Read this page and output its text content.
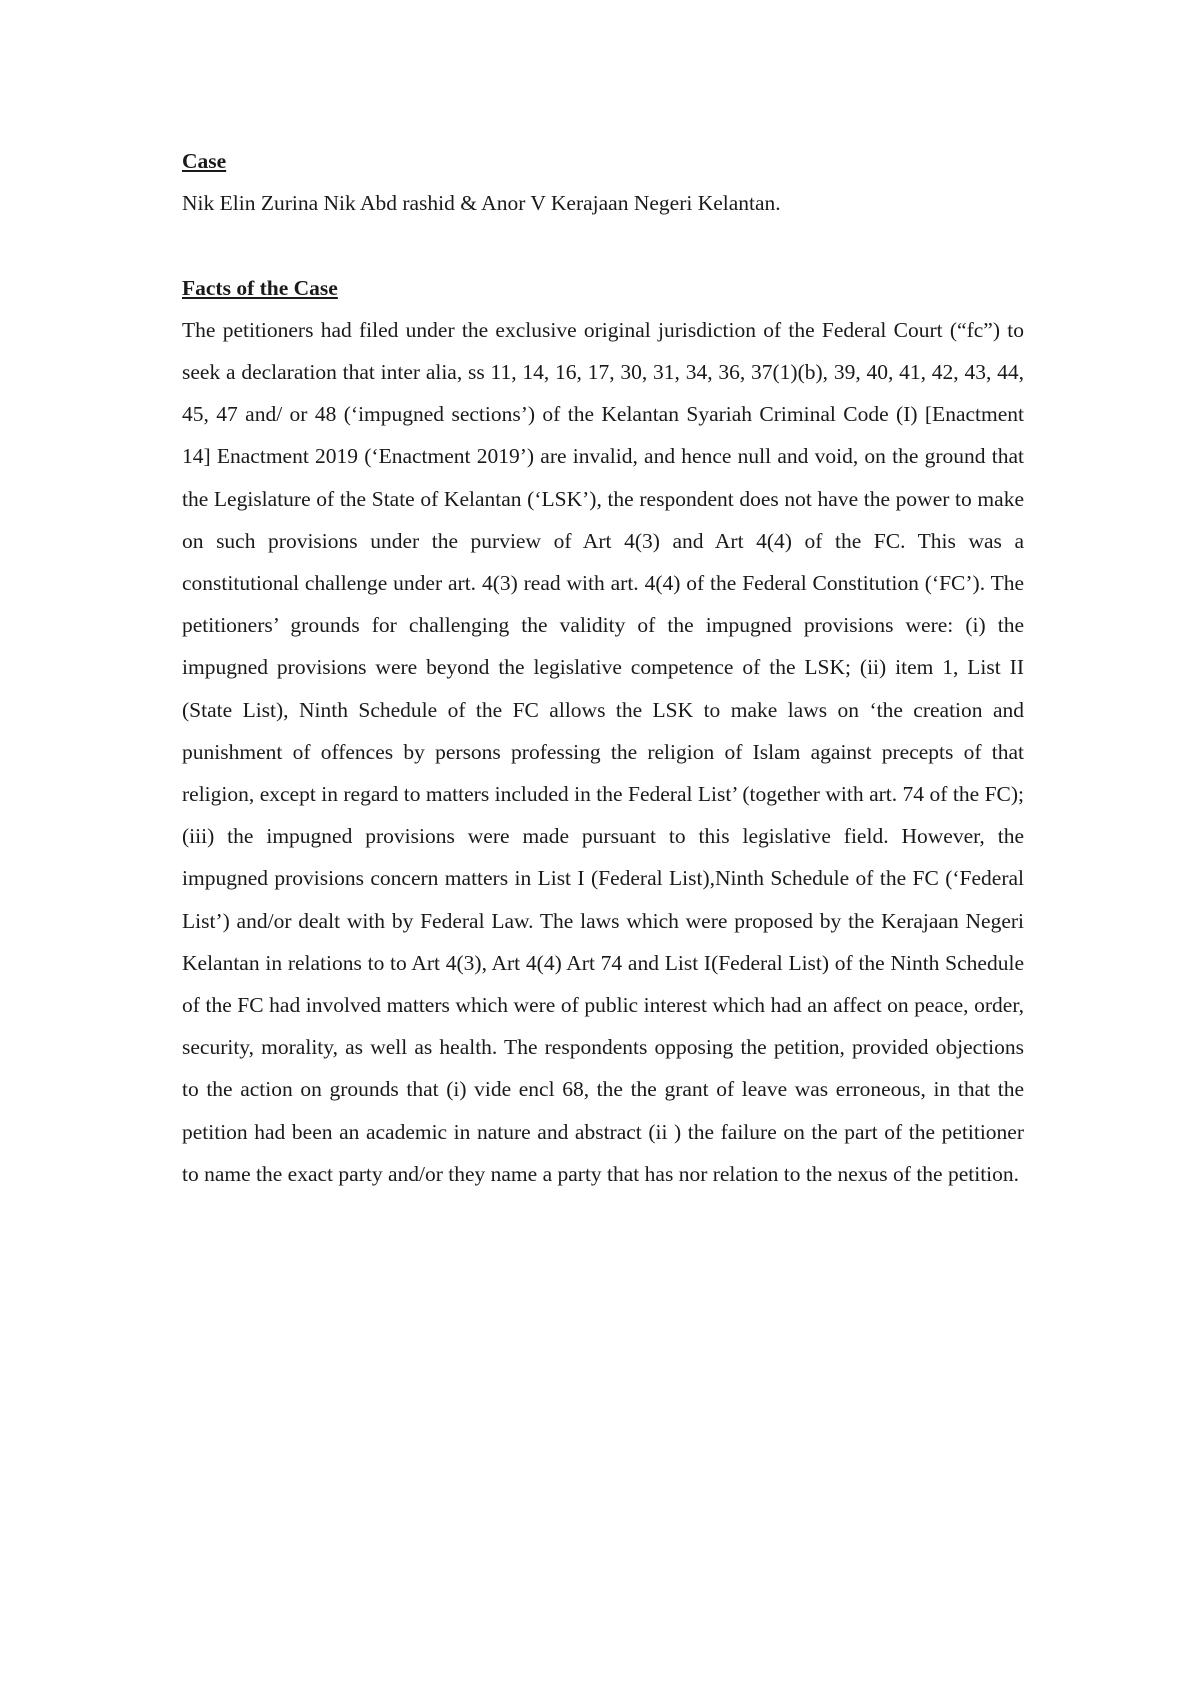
Case

Nik Elin Zurina Nik Abd rashid & Anor V Kerajaan Negeri Kelantan.

Facts of the Case

The petitioners had filed under the exclusive original jurisdiction of the Federal Court (“fc”) to seek a declaration that inter alia, ss 11, 14, 16, 17, 30, 31, 34, 36, 37(1)(b), 39, 40, 41, 42, 43, 44, 45, 47 and/ or 48 (‘impugned sections’) of the Kelantan Syariah Criminal Code (I) [Enactment 14] Enactment 2019 (‘Enactment 2019’) are invalid, and hence null and void, on the ground that the Legislature of the State of Kelantan (‘LSK’), the respondent does not have the power to make on such provisions under the purview of Art 4(3) and Art 4(4) of the FC. This was a constitutional challenge under art. 4(3) read with art. 4(4) of the Federal Constitution (‘FC’). The petitioners’ grounds for challenging the validity of the impugned provisions were: (i) the impugned provisions were beyond the legislative competence of the LSK; (ii) item 1, List II (State List), Ninth Schedule of the FC allows the LSK to make laws on ‘the creation and punishment of offences by persons professing the religion of Islam against precepts of that religion, except in regard to matters included in the Federal List’ (together with art. 74 of the FC); (iii) the impugned provisions were made pursuant to this legislative field. However, the impugned provisions concern matters in List I (Federal List),Ninth Schedule of the FC (‘Federal List’) and/or dealt with by Federal Law. The laws which were proposed by the Kerajaan Negeri Kelantan in relations to to Art 4(3), Art 4(4) Art 74 and List I(Federal List) of the Ninth Schedule of the FC had involved matters which were of public interest which had an affect on peace, order, security, morality, as well as health. The respondents opposing the petition, provided objections to the action on grounds that (i) vide encl 68, the the grant of leave was erroneous, in that the petition had been an academic in nature and abstract (ii ) the failure on the part of the petitioner to name the exact party and/or they name a party that has nor relation to the nexus of the petition.
